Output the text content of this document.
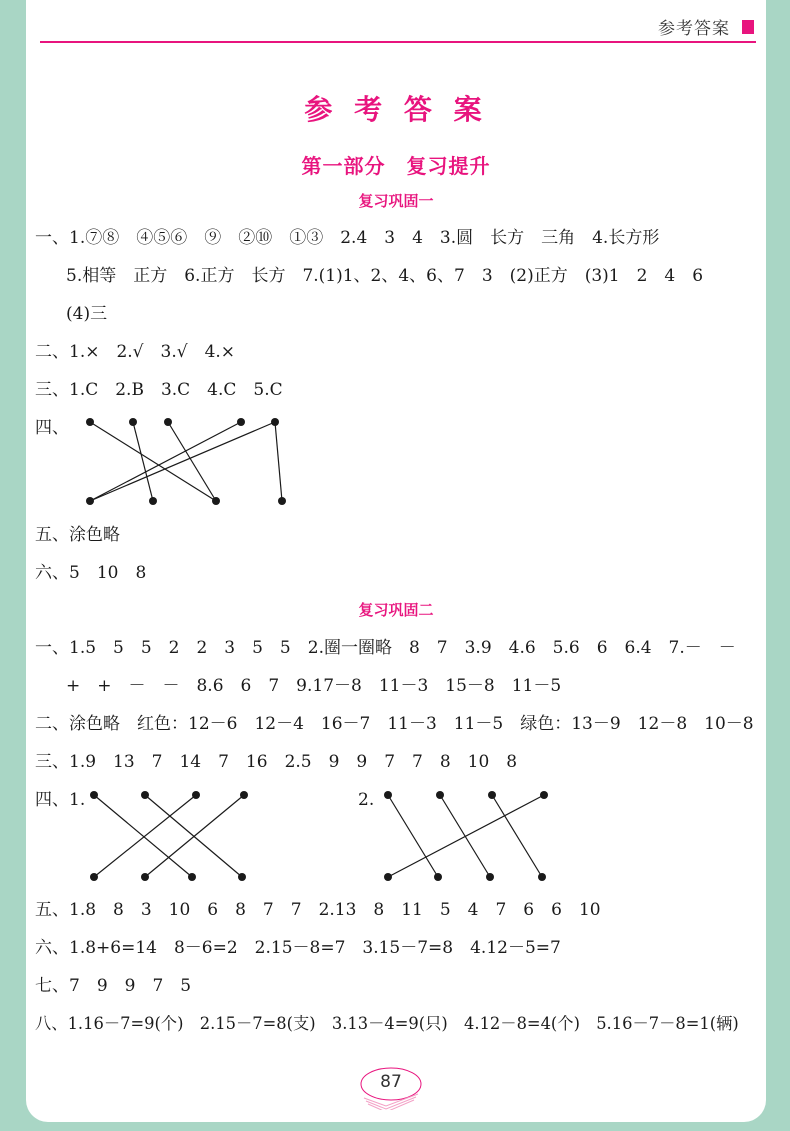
参考答案
参 考 答 案
第一部分　复习提升
复习巩固一
一、1.⑦⑧　④⑤⑥　⑨　②⑩　①③　2.4　3　4　3.圆　长方　三角　4.长方形
5.相等　正方　6.正方　长方　7.(1)1、2、4、6、7　3　(2)正方　(3)1　2　4　6
(4)三
二、1.×　2.√　3.√　4.×
三、1.C　2.B　3.C　4.C　5.C
四、
五、涂色略
六、5　10　8
复习巩固二
一、1.5　5　5　2　2　3　5　5　2.圈一圈略　8　7　3.9　4.6　5.6　6　6.4　7.－　－
+　+　－　－　8.6　6　7　9.17－8　11－3　15－8　11－5
二、涂色略　红色：12－6　12－4　16－7　11－3　11－5　绿色：13－9　12－8　10－8
三、1.9　13　7　14　7　16　2.5　9　9　7　7　8　10　8
四、1.	2.
五、1.8　8　3　10　6　8　7　7　2.13　8　11　5　4　7　6　6　10
六、1.8+6=14　8－6=2　2.15－8=7　3.15－7=8　4.12－5=7
七、7　9　9　7　5
八、1.16－7=9(个)　2.15－7=8(支)　3.13－4=9(只)　4.12－8=4(个)　5.16－7－8=1(辆)
87
